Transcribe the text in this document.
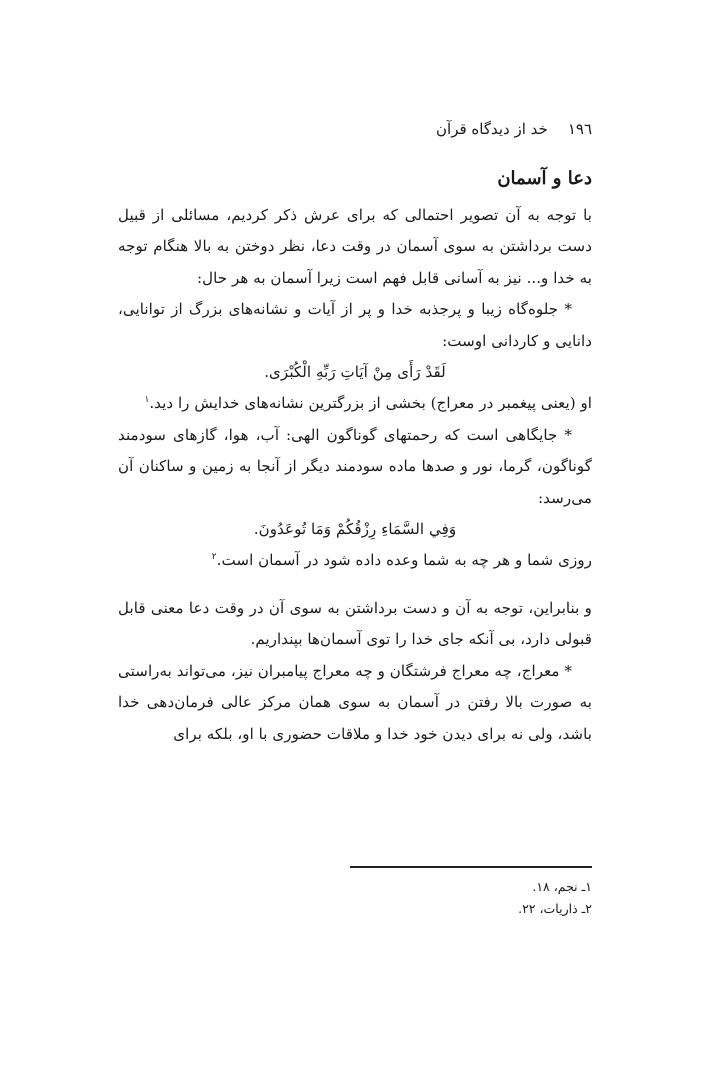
١٩٦خد از دیدگاه قرآن
دعا و آسمان

با توجه به آن تصویر احتمالی که برای عرش ذکر کردیم، مسائلی از قبیل دست برداشتن به سوی آسمان در وقت دعا، نظر دوختن به بالا هنگام توجه به خدا و... نیز به آسانی قابل فهم است زیرا آسمان به هر حال:

* جلوه‌گاه زیبا و پرجذبه خدا و پر از آیات و نشانه‌های بزرگ از توانایی، دانایی و کاردانی اوست:

لَقَدْ رَأَى مِنْ آيَاتِ رَبِّهِ الْكُبْرَى.

او (یعنی پیغمبر در معراج) بخشی از بزرگترین نشانه‌های خدایش را دید.$^١$

* جایگاهی است که رحمتهای گوناگون الهی: آب، هوا، گازهای سودمند گوناگون، گرما، نور و صدها ماده سودمند دیگر از آنجا به زمین و ساکنان آن می‌رسد:

وَفِي السَّمَاءِ رِزْقُكُمْ وَمَا تُوعَدُونَ.

روزی شما و هر چه به شما وعده داده شود در آسمان است.$^٢$

و بنابراین، توجه به آن و دست برداشتن به سوی آن در وقت دعا معنی قابل قبولی دارد، بی آنکه جای خدا را توی آسمان‌ها بپنداریم.

* معراج، چه معراج فرشتگان و چه معراج پیامبران نیز، می‌تواند به‌راستی به صورت بالا رفتن در آسمان به سوی همان مرکز عالی فرمان‌دهی خدا باشد، ولی نه برای دیدن خود خدا و ملاقات حضوری با او، بلکه برای

١ـ نجم، ١٨.
٢ـ ذاریات، ٢٢.
